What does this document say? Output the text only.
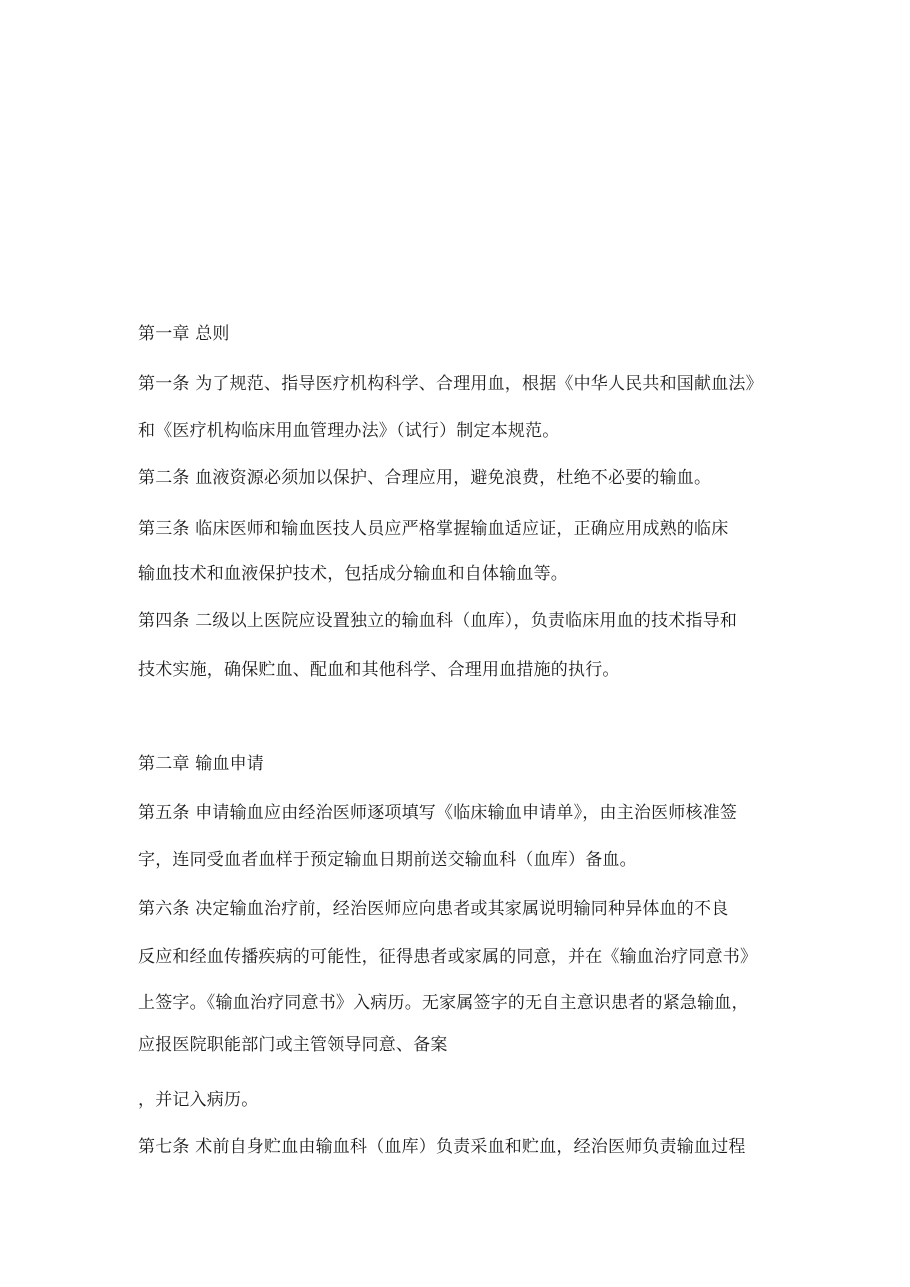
第一章 总则
第一条 为了规范、指导医疗机构科学、合理用血，根据《中华人民共和国献血法》
和《医疗机构临床用血管理办法》（试行）制定本规范。
第二条 血液资源必须加以保护、合理应用，避免浪费，杜绝不必要的输血。
第三条 临床医师和输血医技人员应严格掌握输血适应证，正确应用成熟的临床
输血技术和血液保护技术，包括成分输血和自体输血等。
第四条 二级以上医院应设置独立的输血科（血库），负责临床用血的技术指导和
技术实施，确保贮血、配血和其他科学、合理用血措施的执行。
第二章 输血申请
第五条 申请输血应由经治医师逐项填写《临床输血申请单》，由主治医师核准签
字，连同受血者血样于预定输血日期前送交输血科（血库）备血。
第六条 决定输血治疗前，经治医师应向患者或其家属说明输同种异体血的不良
反应和经血传播疾病的可能性，征得患者或家属的同意，并在《输血治疗同意书》
上签字。《输血治疗同意书》入病历。无家属签字的无自主意识患者的紧急输血，
应报医院职能部门或主管领导同意、备案
，并记入病历。
第七条 术前自身贮血由输血科（血库）负责采血和贮血，经治医师负责输血过程
